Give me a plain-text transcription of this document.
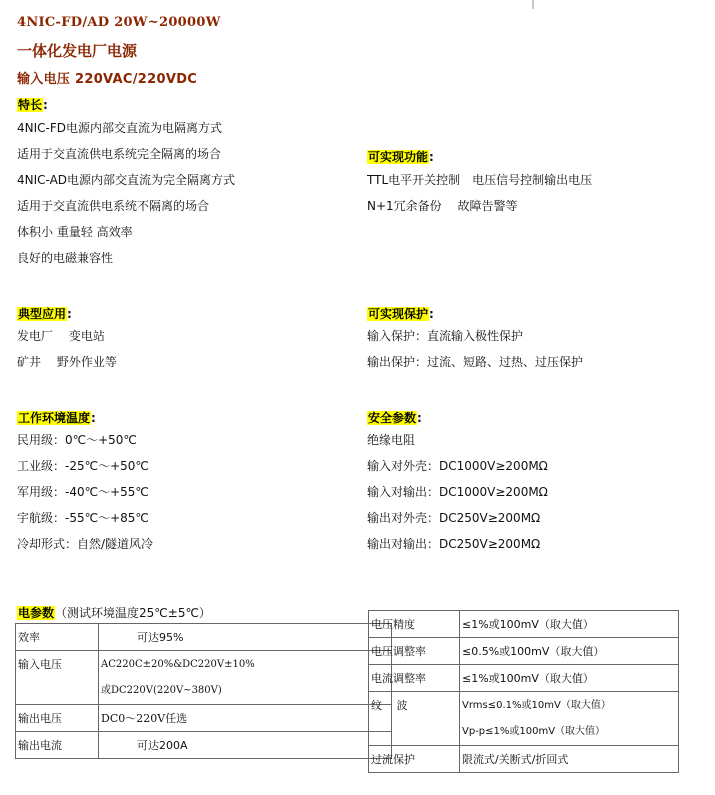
4NIC-FD/AD 20W~20000W
一体化发电厂电源
输入电压 220VAC/220VDC
特长:
4NIC-FD电源内部交直流为电隔离方式
适用于交直流供电系统完全隔离的场合
4NIC-AD电源内部交直流为完全隔离方式
适用于交直流供电系统不隔离的场合
体积小 重量轻 高效率
良好的电磁兼容性
可实现功能:
TTL电平开关控制　电压信号控制输出电压
N+1冗余备份　 故障告警等
典型应用:
发电厂　 变电站
矿井　 野外作业等
可实现保护:
输入保护：直流输入极性保护
输出保护：过流、短路、过热、过压保护
工作环境温度:
民用级：0℃～+50℃
工业级：-25℃～+50℃
军用级：-40℃～+55℃
宇航级：-55℃～+85℃
冷却形式：自然/隧道风冷
安全参数:
绝缘电阻
输入对外壳：DC1000V≥200MΩ
输入对输出：DC1000V≥200MΩ
输出对外壳：DC250V≥200MΩ
输出对输出：DC250V≥200MΩ
电参数（测试环境温度25℃±5℃）
效率	可达95%
输入电压	AC220C±20%&DC220V±10%
或DC220V(220V~380V)

输出电压	DC0～220V任选
输出电流	可达200A
电压精度	≤1%或100mV（取大值）
电压调整率	≤0.5%或100mV（取大值）
电流调整率	≤1%或100mV（取大值）
纹　 波	Vrms≤0.1%或10mV（取大值）
Vp-p≤1%或100mV（取大值）

过流保护	限流式/关断式/折回式
